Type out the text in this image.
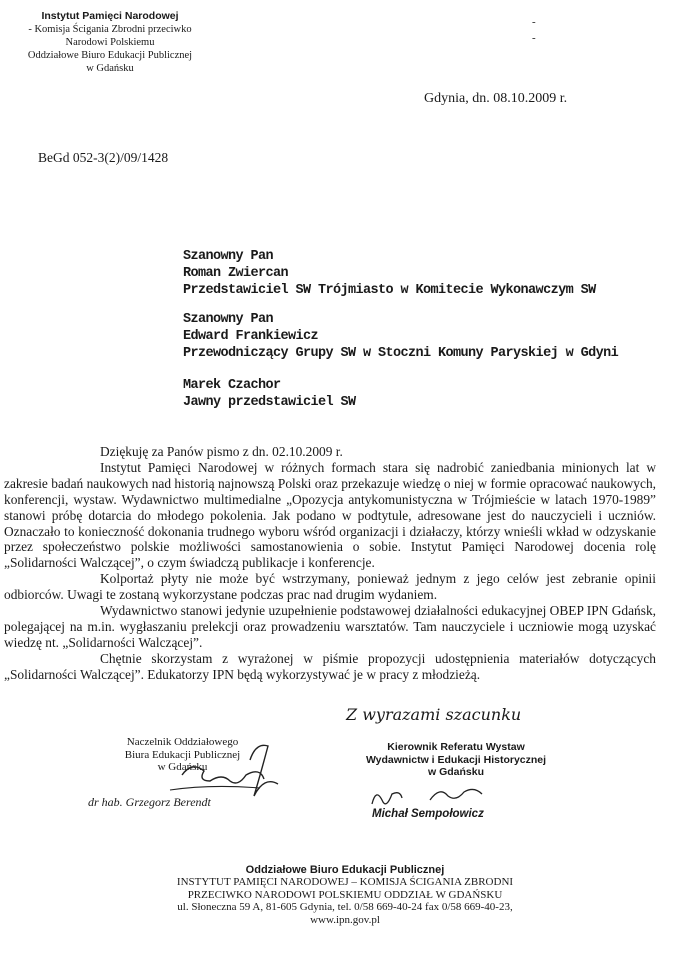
Instytut Pamięci Narodowej
- Komisja Ścigania Zbrodni przeciwko
Narodowi Polskiemu
Oddziałowe Biuro Edukacji Publicznej
w Gdańsku
-
-
Gdynia, dn. 08.10.2009 r.
BeGd 052-3(2)/09/1428
Szanowny Pan
Roman Zwiercan
Przedstawiciel SW Trójmiasto w Komitecie Wykonawczym SW
Szanowny Pan
Edward Frankiewicz
Przewodniczący Grupy SW w Stoczni Komuny Paryskiej w Gdyni
Marek Czachor
Jawny przedstawiciel SW

Dziękuję za Panów pismo z dn. 02.10.2009 r.

Instytut Pamięci Narodowej w różnych formach stara się nadrobić zaniedbania minionych lat w zakresie badań naukowych nad historią najnowszą Polski oraz przekazuje wiedzę o niej w formie opracować naukowych, konferencji, wystaw. Wydawnictwo multimedialne „Opozycja antykomunistyczna w Trójmieście w latach 1970-1989” stanowi próbę dotarcia do młodego pokolenia. Jak podano w podtytule, adresowane jest do nauczycieli i uczniów. Oznaczało to konieczność dokonania trudnego wyboru wśród organizacji i działaczy, którzy wnieśli wkład w odzyskanie przez społeczeństwo polskie możliwości samostanowienia o sobie. Instytut Pamięci Narodowej docenia rolę „Solidarności Walczącej”, o czym świadczą publikacje i konferencje.

Kolportaż płyty nie może być wstrzymany, ponieważ jednym z jego celów jest zebranie opinii odbiorców. Uwagi te zostaną wykorzystane podczas prac nad drugim wydaniem.

Wydawnictwo stanowi jedynie uzupełnienie podstawowej działalności edukacyjnej OBEP IPN Gdańsk, polegającej na m.in. wygłaszaniu prelekcji oraz prowadzeniu warsztatów. Tam nauczyciele i uczniowie mogą uzyskać wiedzę nt. „Solidarności Walczącej”.

Chętnie skorzystam z wyrażonej w piśmie propozycji udostępnienia materiałów dotyczących „Solidarności Walczącej”. Edukatorzy IPN będą wykorzystywać je w pracy z młodzieżą.

Naczelnik Oddziałowego
Biura Edukacji Publicznej
w Gdańsku
dr hab. Grzegorz Berendt
Z wyrazami szacunku
Kierownik Referatu Wystaw
Wydawnictw i Edukacji Historycznej
w Gdańsku
Michał Sempołowicz
Oddziałowe Biuro Edukacji Publicznej
INSTYTUT PAMIĘCI NARODOWEJ – KOMISJA ŚCIGANIA ZBRODNI
PRZECIWKO NARODOWI POLSKIEMU ODDZIAŁ W GDAŃSKU
ul. Słoneczna 59 A, 81-605 Gdynia, tel. 0/58 669-40-24 fax 0/58 669-40-23,
www.ipn.gov.pl
